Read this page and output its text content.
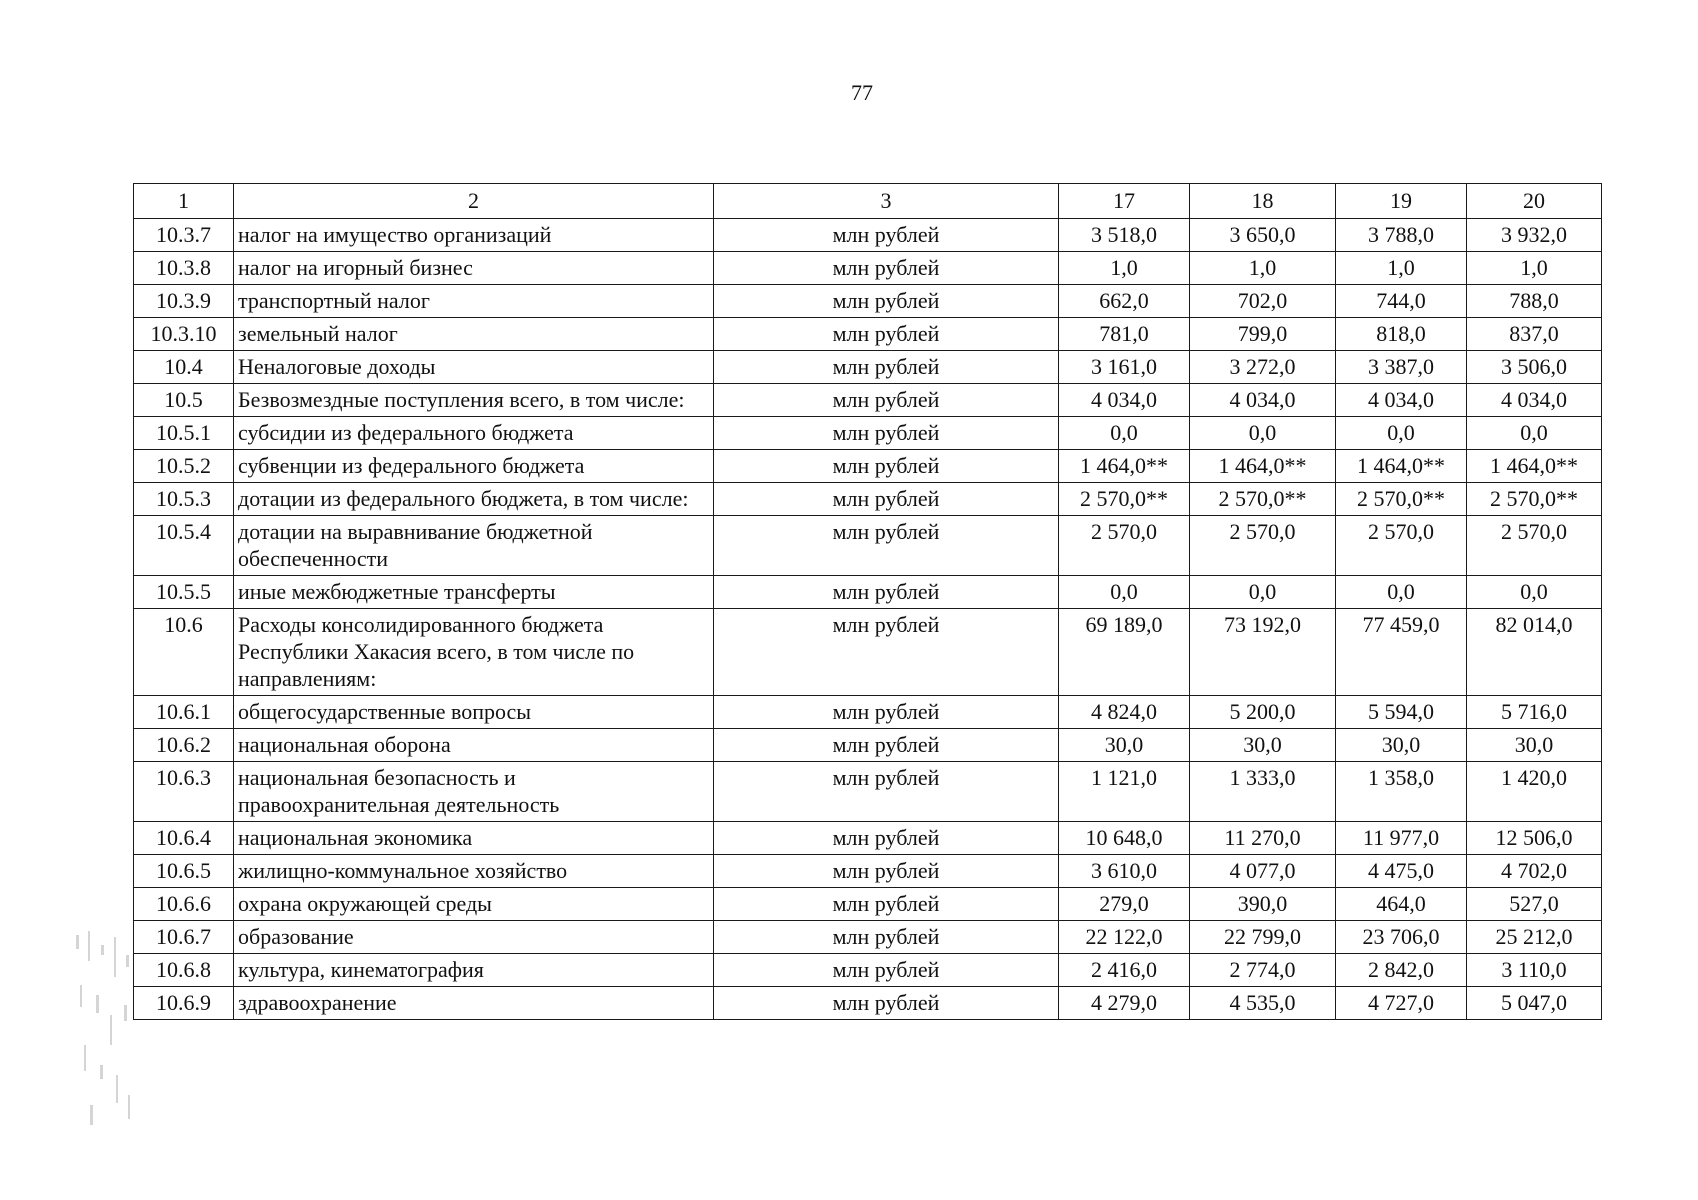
77
1	2	3	17	18	19	20
10.3.7	налог на имущество организаций	млн рублей	3 518,0	3 650,0	3 788,0	3 932,0
10.3.8	налог на игорный бизнес	млн рублей	1,0	1,0	1,0	1,0
10.3.9	транспортный налог	млн рублей	662,0	702,0	744,0	788,0
10.3.10	земельный налог	млн рублей	781,0	799,0	818,0	837,0
10.4	Неналоговые доходы	млн рублей	3 161,0	3 272,0	3 387,0	3 506,0
10.5	Безвозмездные поступления всего, в том числе:	млн рублей	4 034,0	4 034,0	4 034,0	4 034,0
10.5.1	субсидии из федерального бюджета	млн рублей	0,0	0,0	0,0	0,0
10.5.2	субвенции из федерального бюджета	млн рублей	1 464,0**	1 464,0**	1 464,0**	1 464,0**
10.5.3	дотации из федерального бюджета, в том числе:	млн рублей	2 570,0**	2 570,0**	2 570,0**	2 570,0**
10.5.4	дотации на выравнивание бюджетной обеспеченности	млн рублей	2 570,0	2 570,0	2 570,0	2 570,0
10.5.5	иные межбюджетные трансферты	млн рублей	0,0	0,0	0,0	0,0
10.6	Расходы консолидированного бюджета Республики Хакасия всего, в том числе по направлениям:	млн рублей	69 189,0	73 192,0	77 459,0	82 014,0
10.6.1	общегосударственные вопросы	млн рублей	4 824,0	5 200,0	5 594,0	5 716,0
10.6.2	национальная оборона	млн рублей	30,0	30,0	30,0	30,0
10.6.3	национальная безопасность и правоохранительная деятельность	млн рублей	1 121,0	1 333,0	1 358,0	1 420,0
10.6.4	национальная экономика	млн рублей	10 648,0	11 270,0	11 977,0	12 506,0
10.6.5	жилищно-коммунальное хозяйство	млн рублей	3 610,0	4 077,0	4 475,0	4 702,0
10.6.6	охрана окружающей среды	млн рублей	279,0	390,0	464,0	527,0
10.6.7	образование	млн рублей	22 122,0	22 799,0	23 706,0	25 212,0
10.6.8	культура, кинематография	млн рублей	2 416,0	2 774,0	2 842,0	3 110,0
10.6.9	здравоохранение	млн рублей	4 279,0	4 535,0	4 727,0	5 047,0
